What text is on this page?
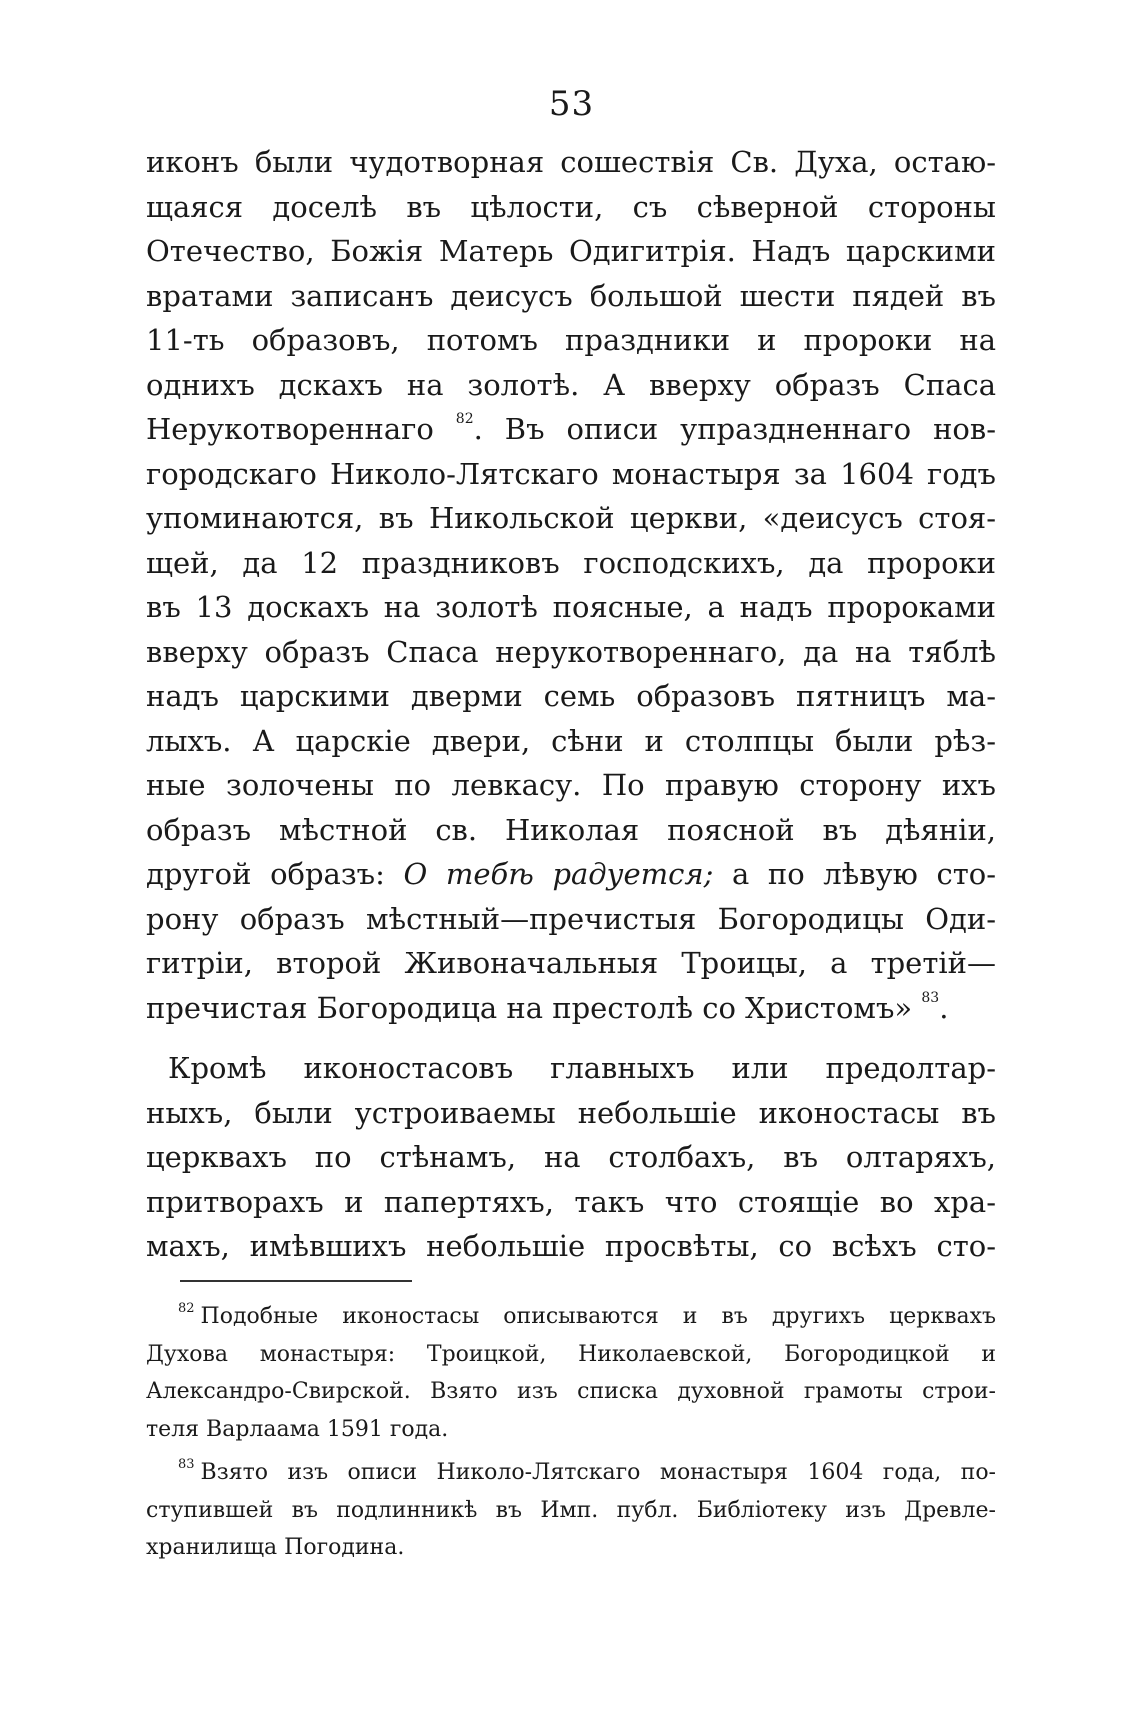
53
иконъ были чудотворная сошествія Св. Духа, остаю-
щаяся доселѣ въ цѣлости, съ сѣверной стороны
Отечество, Божія Матерь Одигитрія. Надъ царскими
вратами записанъ деисусъ большой шести пядей въ
11-ть образовъ, потомъ праздники и пророки на
однихъ дскахъ на золотѣ. А вверху образъ Спаса
Нерукотвореннаго $^{82}$. Въ описи упраздненнаго нов-
городскаго Николо-Лятскаго монастыря за 1604 годъ
упоминаются, въ Никольской церкви, «деисусъ стоя-
щей, да 12 праздниковъ господскихъ, да пророки
въ 13 доскахъ на золотѣ поясные, а надъ пророками
вверху образъ Спаса нерукотвореннаго, да на тяблѣ
надъ царскими дверми семь образовъ пятницъ ма-
лыхъ. А царскіе двери, сѣни и столпцы были рѣз-
ные золочены по левкасу. По правую сторону ихъ
образъ мѣстной св. Николая поясной въ дѣяніи,
другой образъ: О тебѣ радуется; а по лѣвую сто-
рону образъ мѣстный—пречистыя Богородицы Оди-
гитріи, второй Живоначальныя Троицы, а третій—
пречистая Богородица на престолѣ со Христомъ» $^{83}$.
Кромѣ иконостасовъ главныхъ или предолтар-
ныхъ, были устроиваемы небольшіе иконостасы въ
церквахъ по стѣнамъ, на столбахъ, въ олтаряхъ,
притворахъ и папертяхъ, такъ что стоящіе во хра-
махъ, имѣвшихъ небольшіе просвѣты, со всѣхъ сто-
$^{82}$ Подобные иконостасы описываются и въ другихъ церквахъ
Духова монастыря: Троицкой, Николаевской, Богородицкой и
Александро-Свирской. Взято изъ списка духовной грамоты строи-
теля Варлаама 1591 года.
$^{83}$ Взято изъ описи Николо-Лятскаго монастыря 1604 года, по-
ступившей въ подлинникѣ въ Имп. публ. Библіотеку изъ Древле-
хранилища Погодина.
